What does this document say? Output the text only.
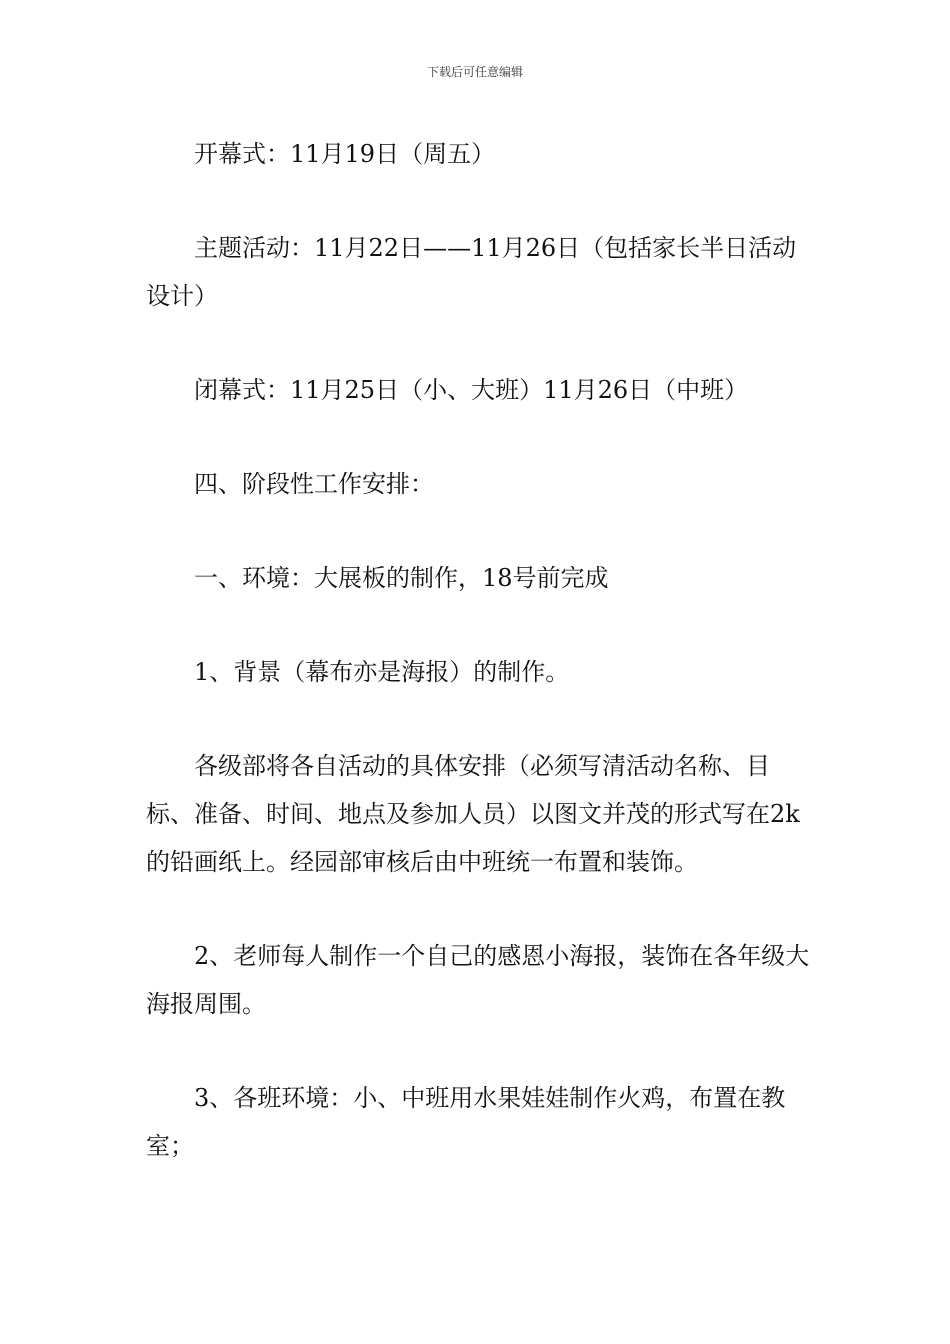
下载后可任意编辑

开幕式：11月19日（周五）

主题活动：11月22日——11月26日（包括家长半日活动设计）

闭幕式：11月25日（小、大班）11月26日（中班）

四、阶段性工作安排：

一、环境：大展板的制作，18号前完成

1、背景（幕布亦是海报）的制作。

各级部将各自活动的具体安排（必须写清活动名称、目标、准备、时间、地点及参加人员）以图文并茂的形式写在2k的铅画纸上。经园部审核后由中班统一布置和装饰。

2、老师每人制作一个自己的感恩小海报，装饰在各年级大海报周围。

3、各班环境：小、中班用水果娃娃制作火鸡，布置在教室；
